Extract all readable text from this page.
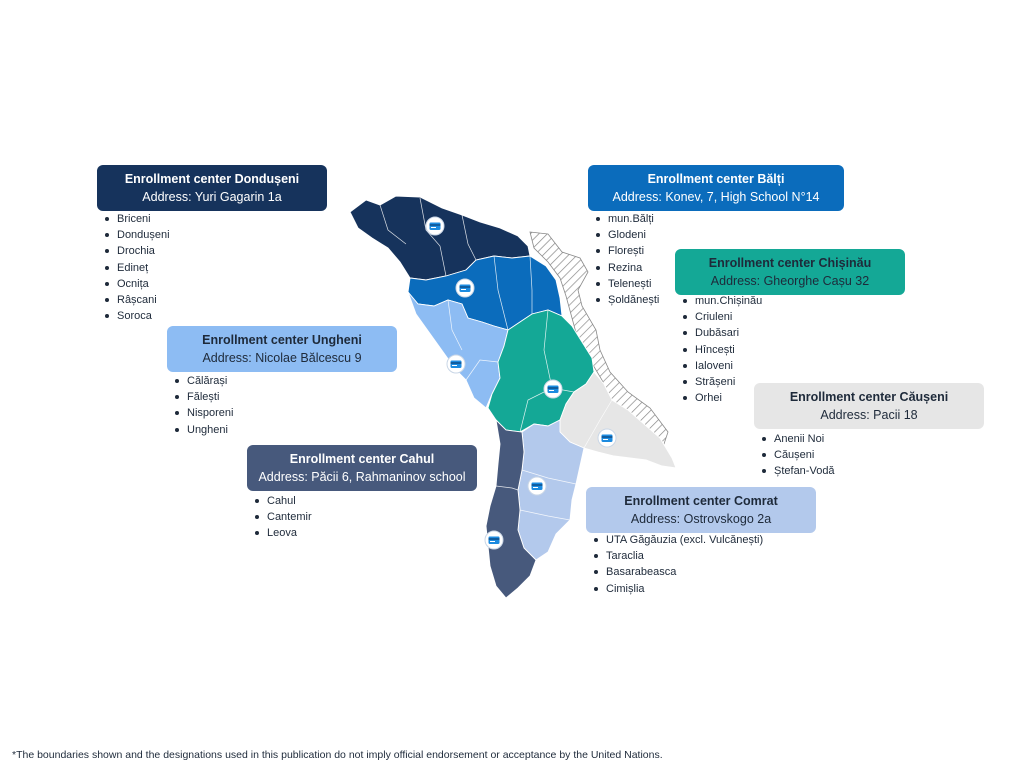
Enrollment center Dondușeni
Address: Yuri Gagarin 1a
Briceni
Dondușeni
Drochia
Edineț
Ocnița
Râșcani
Soroca
Enrollment center Bălți
Address: Konev, 7, High School N°14
mun.Bălți
Glodeni
Florești
Rezina
Telenești
Șoldănești
Enrollment center Chișinău
Address: Gheorghe Cașu 32
mun.Chișinău
Criuleni
Dubăsari
Hîncești
Ialoveni
Strășeni
Orhei
Enrollment center Ungheni
Address: Nicolae Bălcescu 9
Călărași
Fălești
Nisporeni
Ungheni
Enrollment center Căușeni
Address: Pacii 18
Anenii Noi
Căușeni
Ștefan-Vodă
Enrollment center Cahul
Address: Păcii 6, Rahmaninov school
Cahul
Cantemir
Leova
Enrollment center Comrat
Address: Ostrovskogo 2a
UTA Găgăuzia (excl. Vulcănești)
Taraclia
Basarabeasca
Cimișlia
*The boundaries shown and the designations used in this publication do not imply official endorsement or acceptance by the United Nations.
